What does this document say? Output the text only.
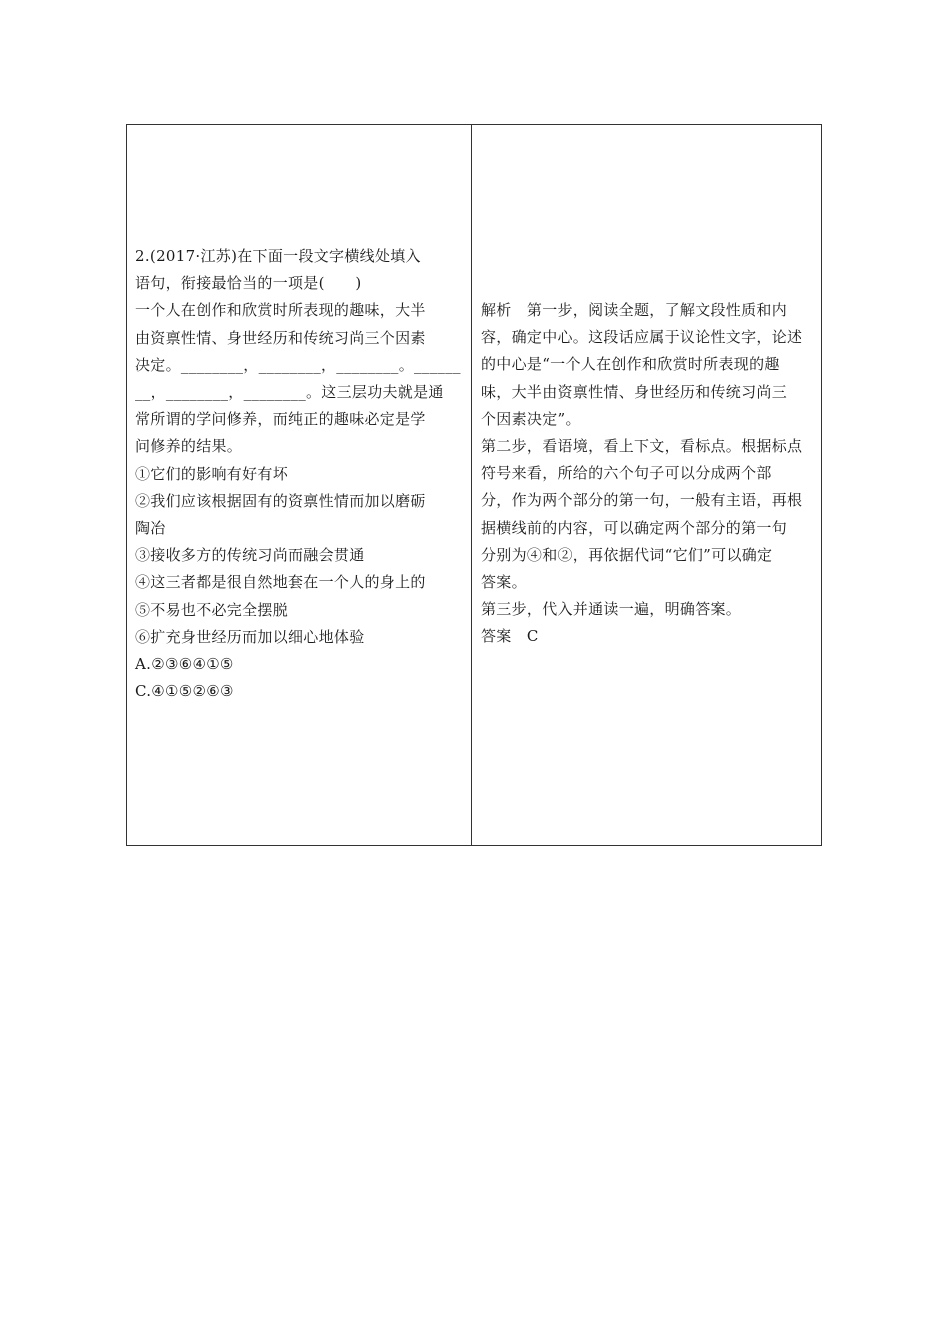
2.(2017·江苏)在下面一段文字横线处填入
语句，衔接最恰当的一项是(　　)
一个人在创作和欣赏时所表现的趣味，大半
由资禀性情、身世经历和传统习尚三个因素
决定。________，________，________。______
__，________，________。这三层功夫就是通
常所谓的学问修养，而纯正的趣味必定是学
问修养的结果。
①它们的影响有好有坏
②我们应该根据固有的资禀性情而加以磨砺
陶冶
③接收多方的传统习尚而融会贯通
④这三者都是很自然地套在一个人的身上的
⑤不易也不必完全摆脱
⑥扩充身世经历而加以细心地体验
A.②③⑥④①⑤
C.④①⑤②⑥③
解析　第一步，阅读全题，了解文段性质和内
容，确定中心。这段话应属于议论性文字，论述
的中心是“一个人在创作和欣赏时所表现的趣
味，大半由资禀性情、身世经历和传统习尚三
个因素决定”。
第二步，看语境，看上下文，看标点。根据标点
符号来看，所给的六个句子可以分成两个部
分，作为两个部分的第一句，一般有主语，再根
据横线前的内容，可以确定两个部分的第一句
分别为④和②，再依据代词“它们”可以确定
答案。
第三步，代入并通读一遍，明确答案。
答案　C
